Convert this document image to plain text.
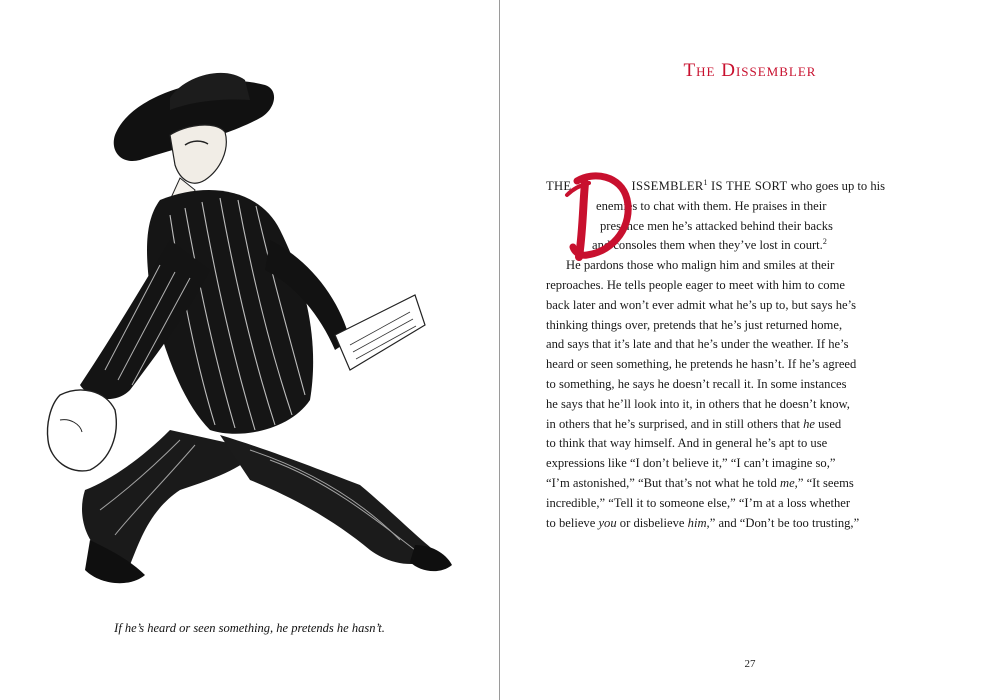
If he’s heard or seen something, he pretends he hasn’t.
The Dissembler
THE	ISSEMBLER$^1$ IS THE SORT who goes up to his
enemies to chat with them. He praises in their
presence men he’s attacked behind their backs
and consoles them when they’ve lost in court.$^2$
He pardons those who malign him and smiles at their
reproaches. He tells people eager to meet with him to come
back later and won’t ever admit what he’s up to, but says he’s
thinking things over, pretends that he’s just returned home,
and says that it’s late and that he’s under the weather. If he’s
heard or seen something, he pretends he hasn’t. If he’s agreed
to something, he says he doesn’t recall it. In some instances
he says that he’ll look into it, in others that he doesn’t know,
in others that he’s surprised, and in still others that he used
to think that way himself. And in general he’s apt to use
expressions like “I don’t believe it,” “I can’t imagine so,”
“I’m astonished,” “But that’s not what he told me,” “It seems
incredible,” “Tell it to someone else,” “I’m at a loss whether
to believe you or disbelieve him,” and “Don’t be too trusting,”
27
